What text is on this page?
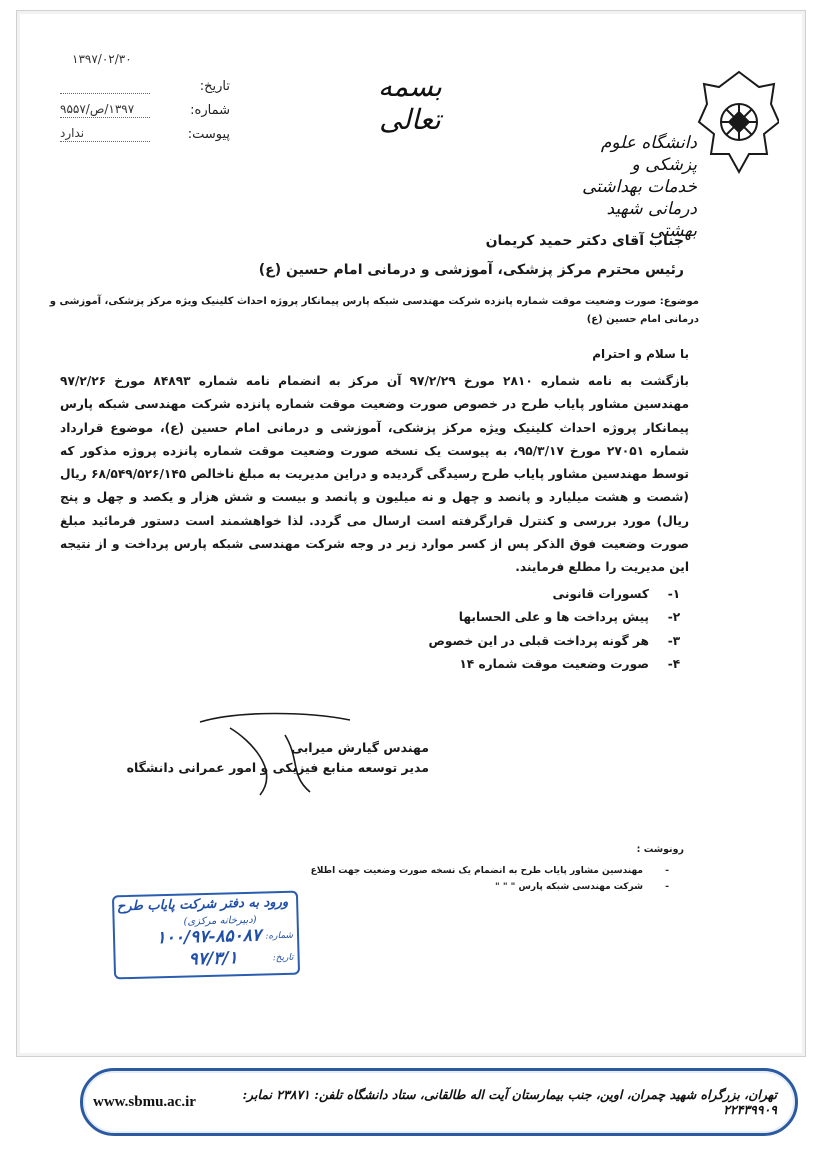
دانشگاه علوم پزشکی و خدمات بهداشتی درمانی شهید بهشتی
بسمه تعالی
۱۳۹۷/۰۲/۳۰
تاریخ:
شماره:
۱۳۹۷/ص/۹۵۵۷
پیوست:
ندارد
جناب آقای دکتر حمید کریمان
رئیس محترم مرکز پزشکی، آموزشی و درمانی امام حسین (ع)
موضوع: صورت وضعیت موقت شماره پانزده شرکت مهندسی شبکه پارس پیمانکار پروژه احداث کلینیک ویژه مرکز پزشکی، آموزشی و درمانی امام حسین (ع)
با سلام و احترام
بازگشت به نامه شماره ۲۸۱۰ مورخ ۹۷/۲/۲۹ آن مرکز به انضمام نامه شماره ۸۴۸۹۳ مورخ ۹۷/۲/۲۶ مهندسین مشاور پایاب طرح در خصوص صورت وضعیت موقت شماره پانزده شرکت مهندسی شبکه پارس پیمانکار پروژه احداث کلینیک ویژه مرکز پزشکی، آموزشی و درمانی امام حسین (ع)، موضوع قرارداد شماره ۲۷۰۵۱ مورخ ۹۵/۳/۱۷، به پیوست یک نسخه صورت وضعیت موقت شماره پانزده پروژه مذکور که توسط مهندسین مشاور پایاب طرح رسیدگی گردیده و دراین مدیریت به مبلغ ناخالص ۶۸/۵۴۹/۵۲۶/۱۴۵ ریال (شصت و هشت میلیارد و پانصد و چهل و نه میلیون و پانصد و بیست و شش هزار و یکصد و چهل و پنج ریال) مورد بررسی و کنترل قرارگرفته است ارسال می گردد. لذا خواهشمند است دستور فرمائید مبلغ صورت وضعیت فوق الذکر پس از کسر موارد زیر در وجه شرکت مهندسی شبکه پارس پرداخت و از نتیجه این مدیریت را مطلع فرمایند.
۱-
کسورات قانونی
۲-
پیش پرداخت ها و علی الحسابها
۳-
هر گونه پرداخت قبلی در این خصوص
۴-
صورت وضعیت موقت شماره ۱۴
مهندس گیارش میرابی
مدیر توسعه منابع فیزیکی و امور عمرانی دانشگاه
رونوشت :
-
مهندسین مشاور پایاب طرح به انضمام یک نسخه صورت وضعیت جهت اطلاع
-
شرکت مهندسی شبکه پارس " " "
ورود به دفتر شرکت پایاب طرح
(دبیرخانه مرکزی)
شماره:
۱۰۰/۹۷-۸۵۰۸۷
تاریخ:
۹۷/۳/۱
تهران، بزرگراه شهید چمران، اوین، جنب بیمارستان آیت اله طالقانی، ستاد دانشگاه تلفن: ۲۳۸۷۱ نمابر: ۲۲۴۳۹۹۰۹
www.sbmu.ac.ir
